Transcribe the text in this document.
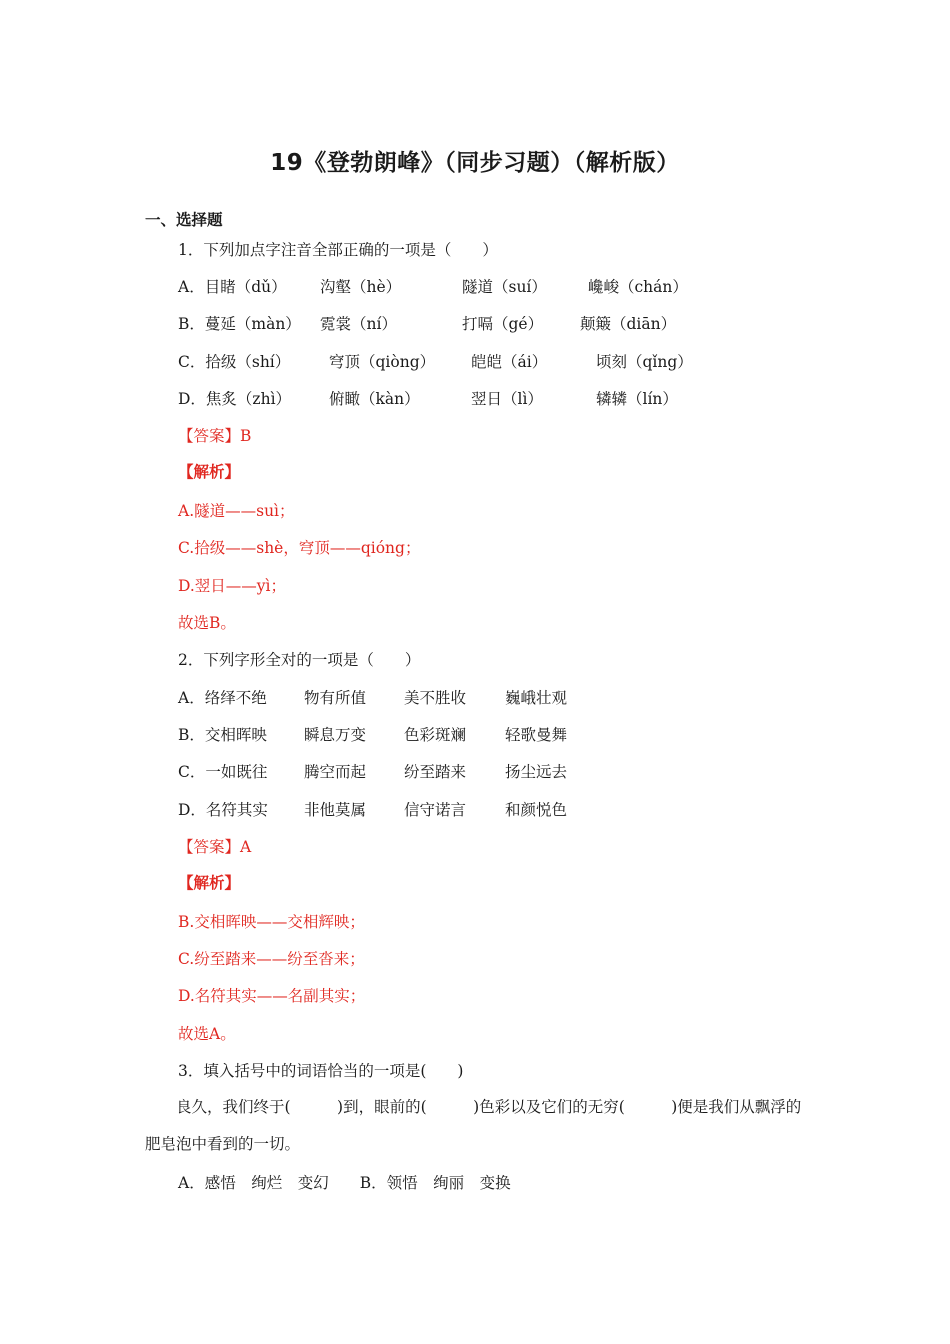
19《登勃朗峰》（同步习题）（解析版）
一、选择题
1．下列加点字注音全部正确的一项是（　　）
A．目睹（dǔ） 沟壑（hè）	隧道（suí）	巉峻（chán）
B．蔓延（màn） 霓裳（ní）	打嗝（gé） 颠簸（diān）
C．拾级（shí） 穹顶（qiòng） 皑皑（ái）	顷刻（qǐng）
D．焦炙（zhì） 俯瞰（kàn）	翌日（lì）	辚辚（lín）
【答案】B
【解析】
A.隧道——suì；
C.拾级——shè，穹顶——qióng；
D.翌日——yì；
故选B。
2．下列字形全对的一项是（　　）
A．络绎不绝 物有所值 美不胜收	巍峨壮观
B．交相晖映 瞬息万变 色彩斑斓	轻歌曼舞
C．一如既往 腾空而起 纷至踏来	扬尘远去
D．名符其实 非他莫属 信守诺言	和颜悦色
【答案】A
【解析】
B.交相晖映——交相辉映；
C.纷至踏来——纷至沓来；
D.名符其实——名副其实；
故选A。
3．填入括号中的词语恰当的一项是(　　)
　　良久，我们终于(　　　)到，眼前的(　　　)色彩以及它们的无穷(　　　)便是我们从飘浮的肥皂泡中看到的一切。
A．感悟　绚烂　变幻　　B．领悟　绚丽　变换
